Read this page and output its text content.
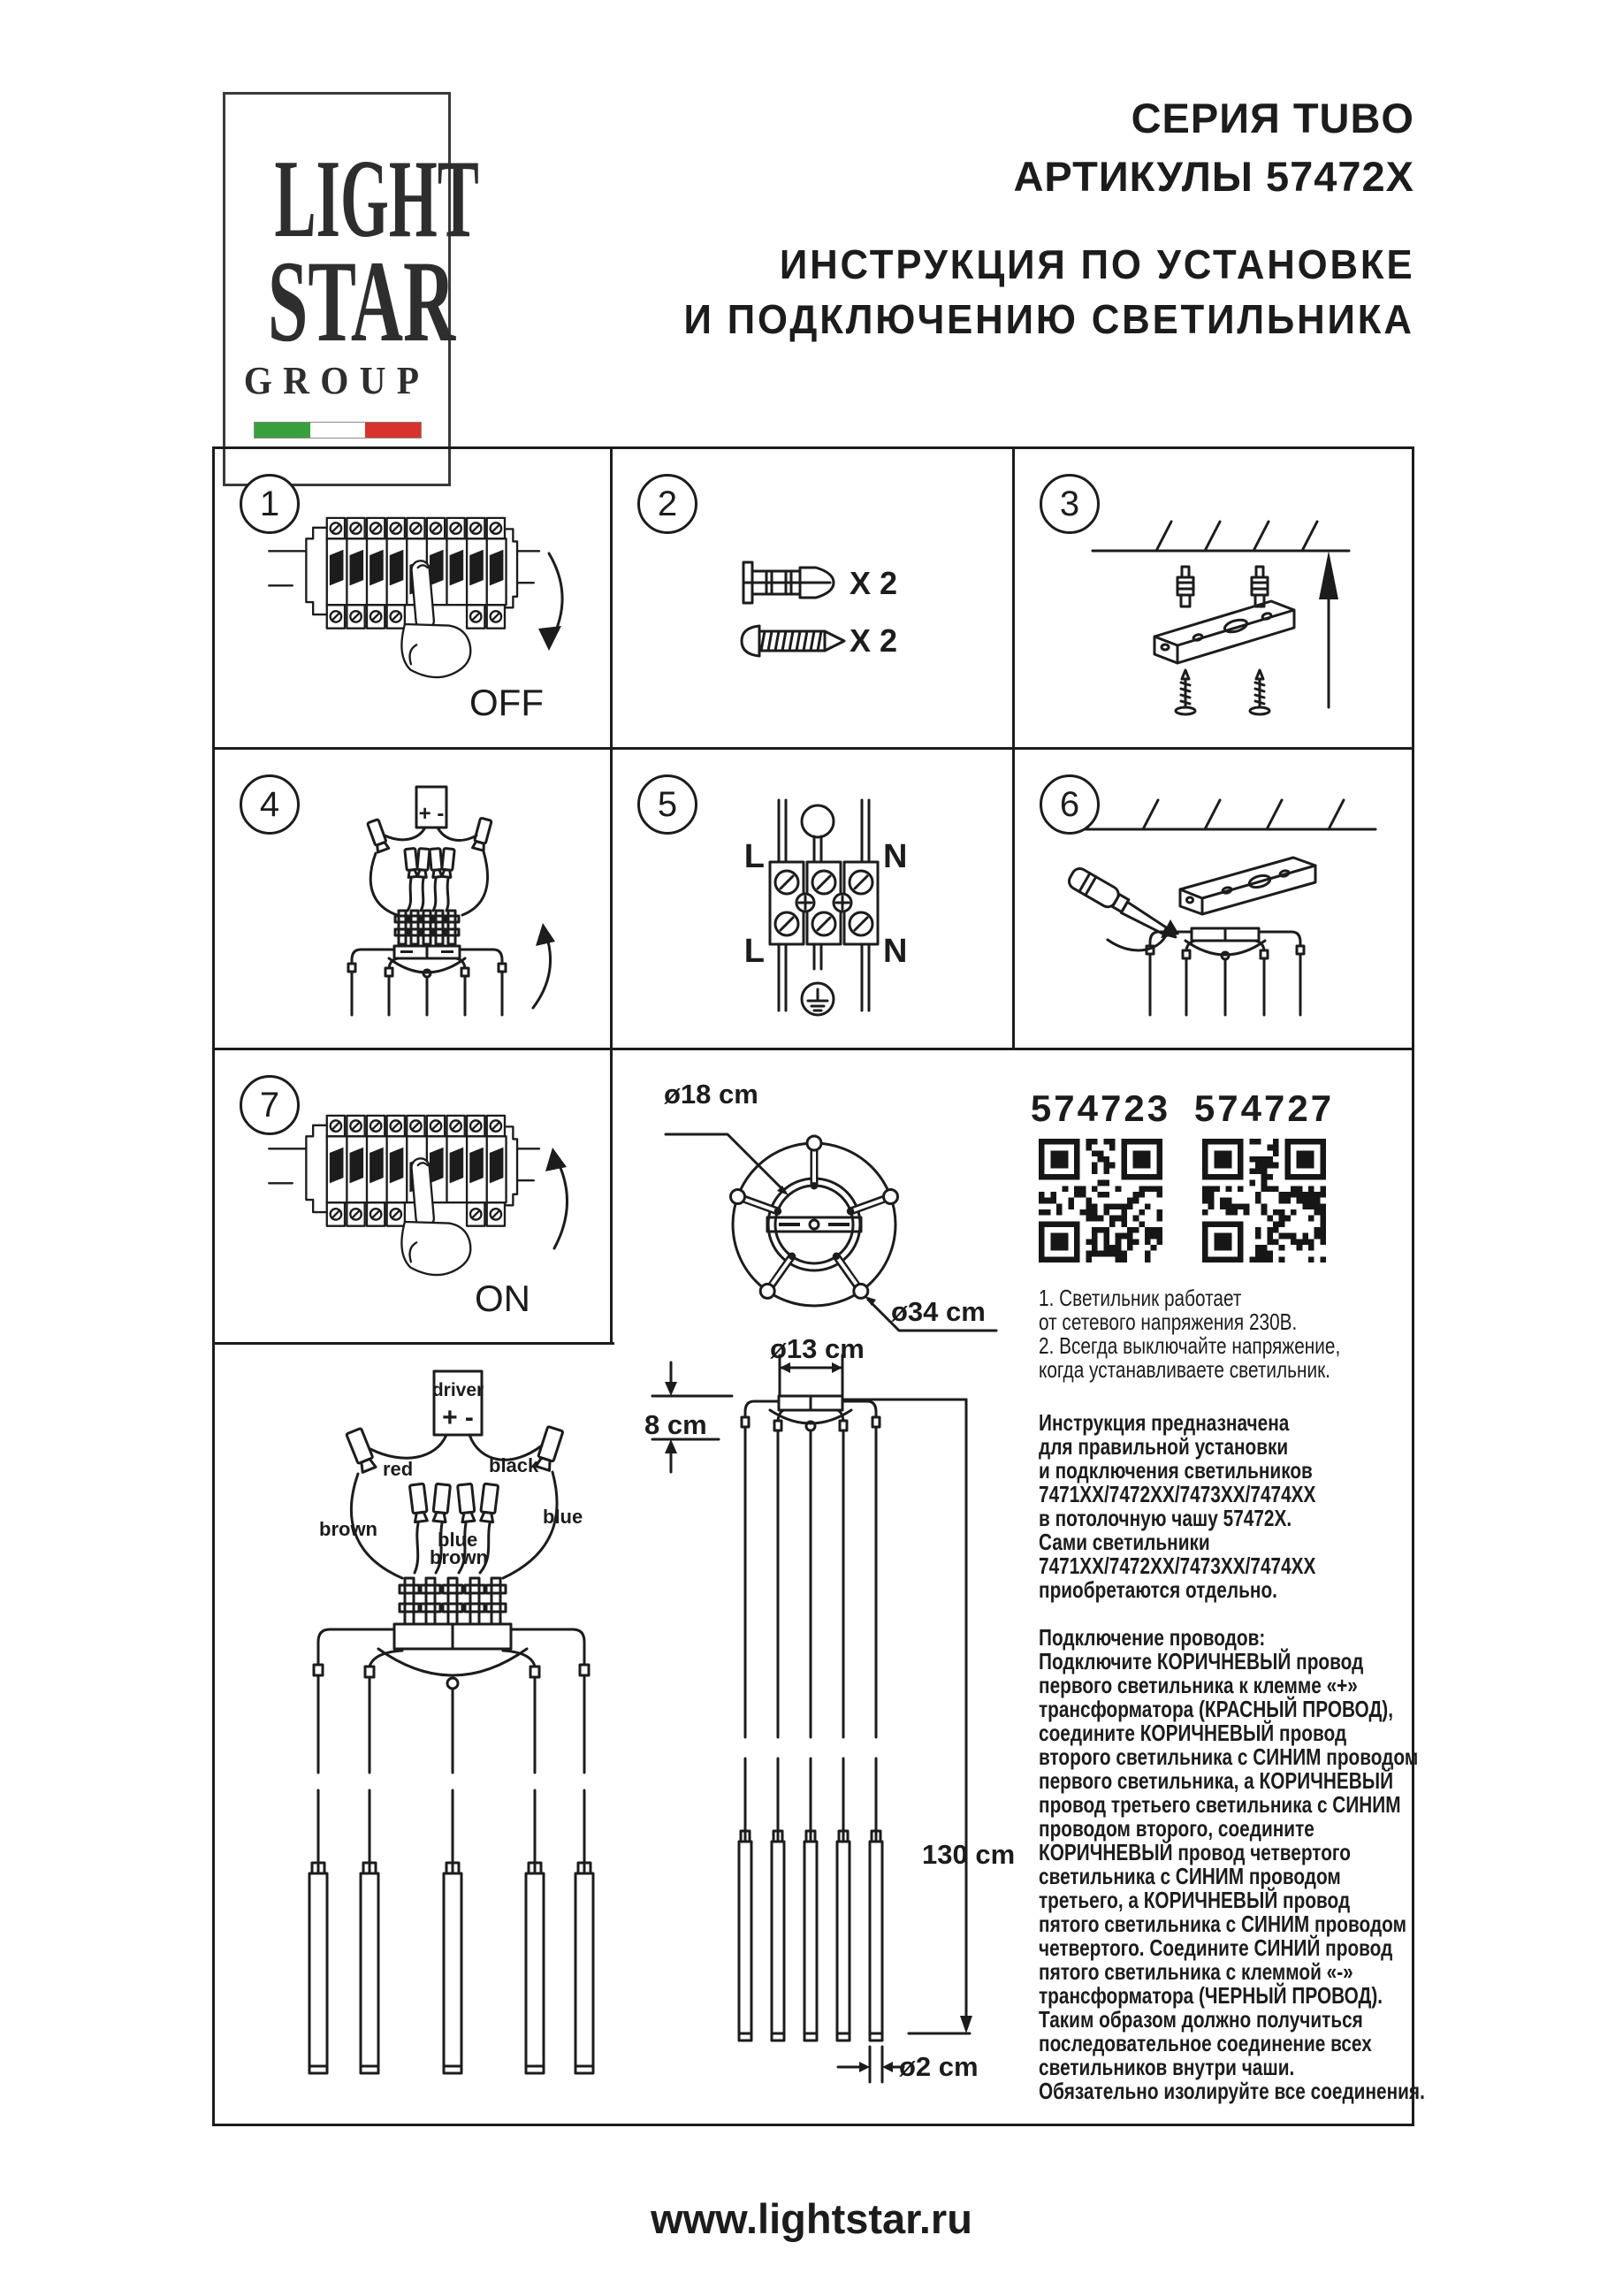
LIGHT
STAR
GROUP
СЕРИЯ TUBO
АРТИКУЛЫ 57472Х
ИНСТРУКЦИЯ ПО УСТАНОВКЕ
И ПОДКЛЮЧЕНИЮ СВЕТИЛЬНИКА
1	2	3
4	5	6
7
OFF
X 2
X 2
+ -
L	N
L	N
ON
ø18 cm
ø34 cm
574723 574727
1. Светильник работает
от сетевого напряжения 230В.
2. Всегда выключайте напряжение,
когда устанавливаете светильник.
Инструкция предназначена
для правильной установки
и подключения светильников
7471ХХ/7472ХХ/7473ХХ/7474ХХ
в потолочную чашу 57472Х.
Сами светильники
7471ХХ/7472ХХ/7473ХХ/7474ХХ
приобретаются отдельно.
Подключение проводов:
Подключите КОРИЧНЕВЫЙ провод
первого светильника к клемме «+»
трансформатора (КРАСНЫЙ ПРОВОД),
соедините КОРИЧНЕВЫЙ провод
второго светильника с СИНИМ проводом
первого светильника, а КОРИЧНЕВЫЙ
провод третьего светильника с СИНИМ
проводом второго, соедините
КОРИЧНЕВЫЙ провод четвертого
светильника с СИНИМ проводом
третьего, а КОРИЧНЕВЫЙ провод
пятого светильника с СИНИМ проводом
четвертого. Соедините СИНИЙ провод
пятого светильника с клеммой «-»
трансформатора (ЧЕРНЫЙ ПРОВОД).
Таким образом должно получиться
последовательное соединение всех
светильников внутри чаши.
Обязательно изолируйте все соединения.
ø13 cm
8 cm
130 cm
ø2 cm
driver
+ -
red	black
brown
blue
blue
brown
www.lightstar.ru
